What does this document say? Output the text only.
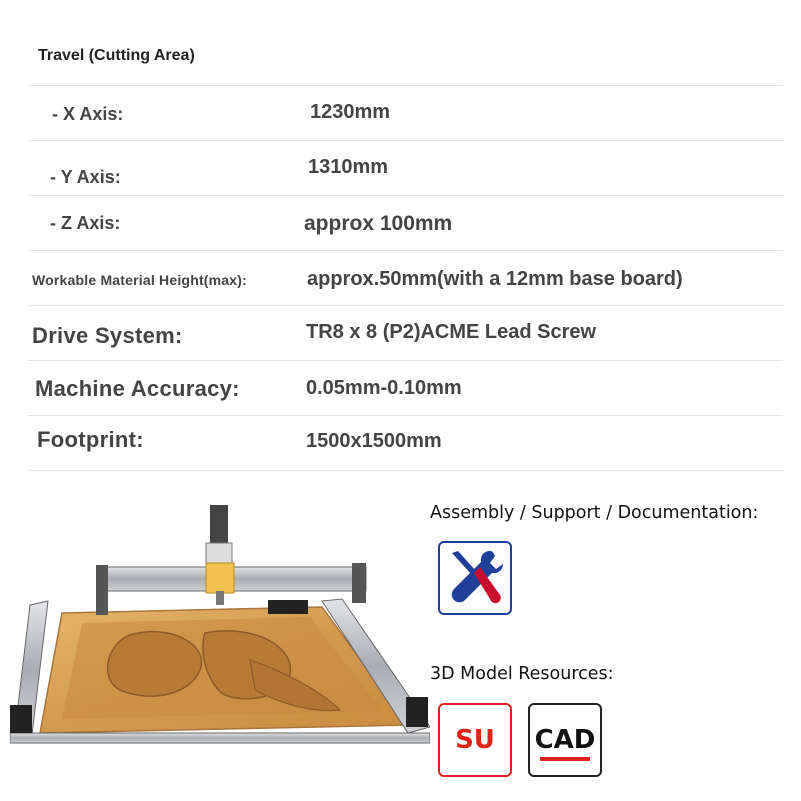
Travel (Cutting Area)
- X Axis:	1230mm
- Y Axis:	1310mm
- Z Axis:	approx 100mm
Workable Material Height(max):	approx.50mm(with a 12mm base board)
Drive System:	TR8 x 8 (P2)ACME Lead Screw
Machine Accuracy:	0.05mm-0.10mm
Footprint:	1500x1500mm
Assembly / Support / Documentation:
3D Model Resources:
SU	CAD
